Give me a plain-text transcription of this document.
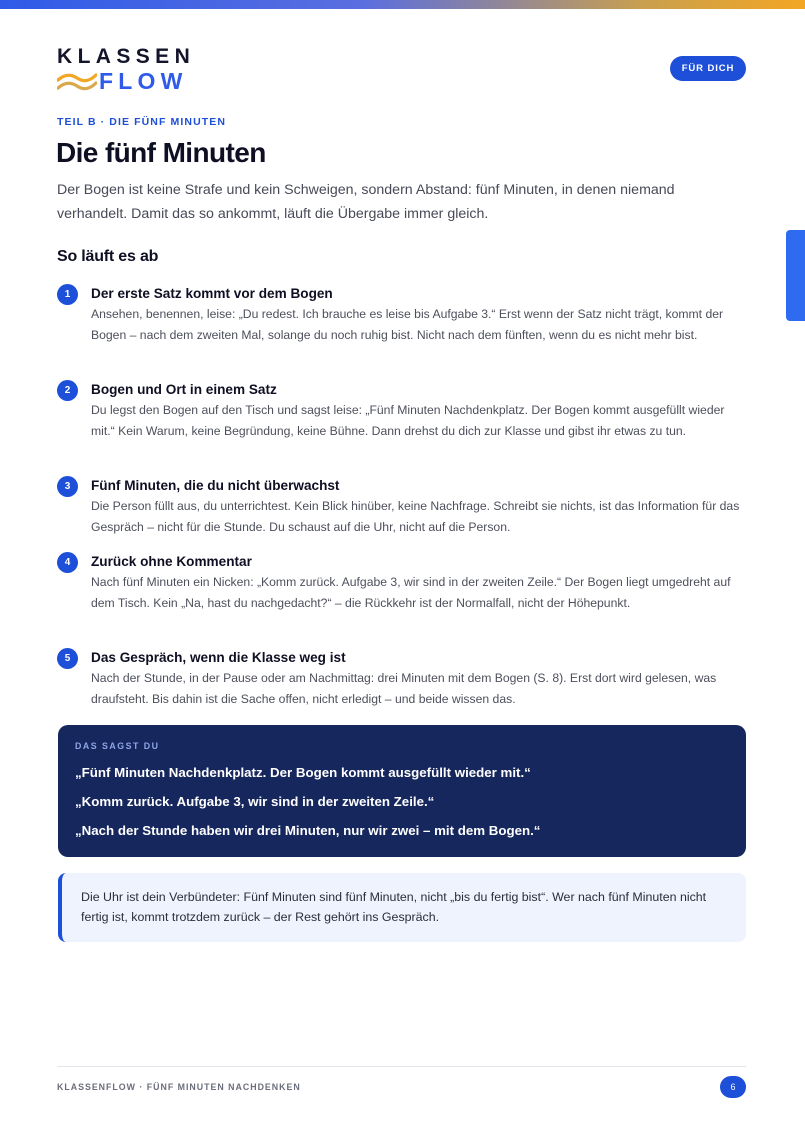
KLASSEN
FLOW	FÜR DICH
TEIL B · DIE FÜNF MINUTEN
Die fünf Minuten

Der Bogen ist keine Strafe und kein Schweigen, sondern Abstand: fünf Minuten, in denen niemand verhandelt. Damit das so ankommt, läuft die Übergabe immer gleich.

So läuft es ab
1	Der erste Satz kommt vor dem Bogen
Ansehen, benennen, leise: „Du redest. Ich brauche es leise bis Aufgabe 3.“ Erst wenn der Satz nicht trägt, kommt der Bogen – nach dem zweiten Mal, solange du noch ruhig bist. Nicht nach dem fünften, wenn du es nicht mehr bist.
2	Bogen und Ort in einem Satz
Du legst den Bogen auf den Tisch und sagst leise: „Fünf Minuten Nachdenkplatz. Der Bogen kommt ausgefüllt wieder mit.“ Kein Warum, keine Begründung, keine Bühne. Dann drehst du dich zur Klasse und gibst ihr etwas zu tun.
3	Fünf Minuten, die du nicht überwachst
Die Person füllt aus, du unterrichtest. Kein Blick hinüber, keine Nachfrage. Schreibt sie nichts, ist das Information für das Gespräch – nicht für die Stunde. Du schaust auf die Uhr, nicht auf die Person.
4	Zurück ohne Kommentar
Nach fünf Minuten ein Nicken: „Komm zurück. Aufgabe 3, wir sind in der zweiten Zeile.“ Der Bogen liegt umgedreht auf dem Tisch. Kein „Na, hast du nachgedacht?“ – die Rückkehr ist der Normalfall, nicht der Höhepunkt.
5	Das Gespräch, wenn die Klasse weg ist
Nach der Stunde, in der Pause oder am Nachmittag: drei Minuten mit dem Bogen (S. 8). Erst dort wird gelesen, was draufsteht. Bis dahin ist die Sache offen, nicht erledigt – und beide wissen das.
DAS SAGST DU
„Fünf Minuten Nachdenkplatz. Der Bogen kommt ausgefüllt wieder mit.“
„Komm zurück. Aufgabe 3, wir sind in der zweiten Zeile.“
„Nach der Stunde haben wir drei Minuten, nur wir zwei – mit dem Bogen.“
Die Uhr ist dein Verbündeter: Fünf Minuten sind fünf Minuten, nicht „bis du fertig bist“. Wer nach fünf Minuten nicht fertig ist, kommt trotzdem zurück – der Rest gehört ins Gespräch.
KLASSENFLOW · FÜNF MINUTEN NACHDENKEN	6
